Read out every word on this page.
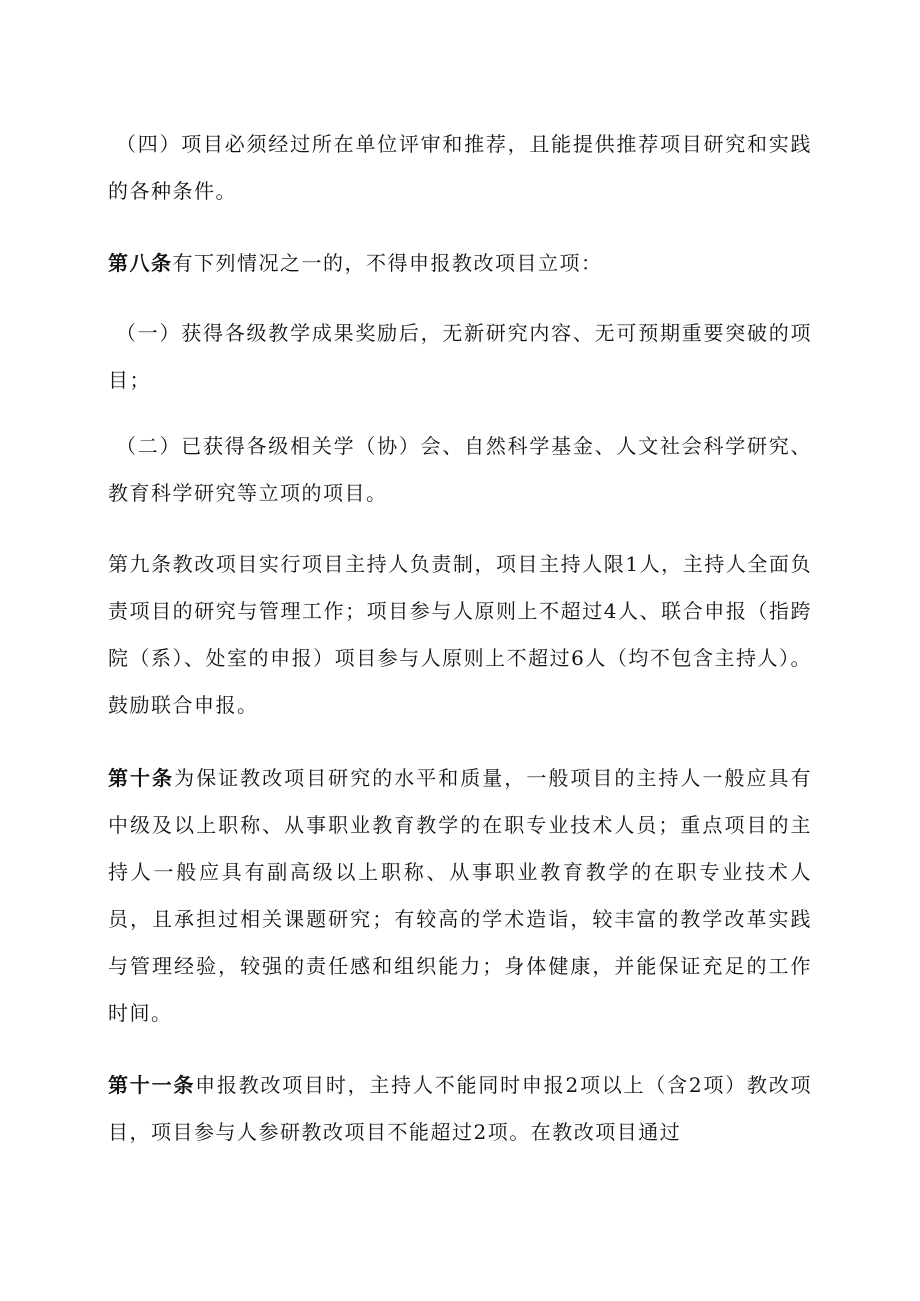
（四）项目必须经过所在单位评审和推荐，且能提供推荐项目研究和实践的各种条件。

第八条有下列情况之一的，不得申报教改项目立项：

（一）获得各级教学成果奖励后，无新研究内容、无可预期重要突破的项目；

（二）已获得各级相关学（协）会、自然科学基金、人文社会科学研究、教育科学研究等立项的项目。

第九条教改项目实行项目主持人负责制，项目主持人限1人，主持人全面负责项目的研究与管理工作；项目参与人原则上不超过4人、联合申报（指跨院（系）、处室的申报）项目参与人原则上不超过6人（均不包含主持人）。鼓励联合申报。

第十条为保证教改项目研究的水平和质量，一般项目的主持人一般应具有中级及以上职称、从事职业教育教学的在职专业技术人员；重点项目的主持人一般应具有副高级以上职称、从事职业教育教学的在职专业技术人员，且承担过相关课题研究；有较高的学术造诣，较丰富的教学改革实践与管理经验，较强的责任感和组织能力；身体健康，并能保证充足的工作时间。

第十一条申报教改项目时，主持人不能同时申报2项以上（含2项）教改项目，项目参与人参研教改项目不能超过2项。在教改项目通过
